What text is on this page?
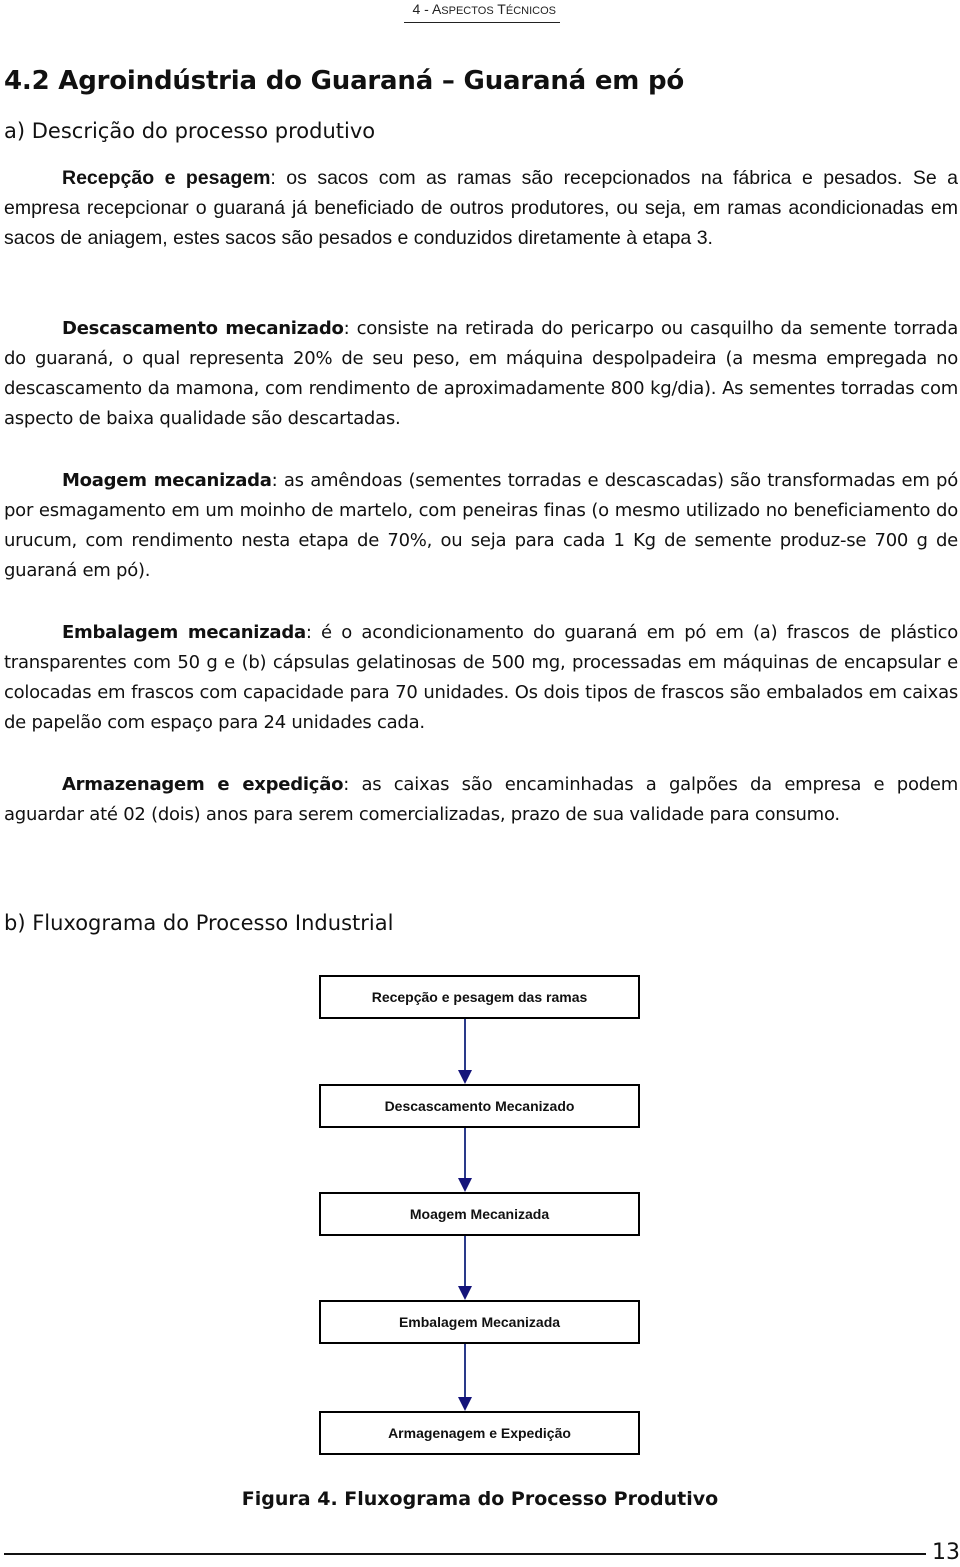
4 - ASPECTOS TÉCNICOS
4.2 Agroindústria do Guaraná – Guaraná em pó
a) Descrição do processo produtivo

Recepção e pesagem: os sacos com as ramas são recepcionados na fábrica e pesados. Se a empresa recepcionar o guaraná já beneficiado de outros produtores, ou seja, em ramas acondicionadas em sacos de aniagem, estes sacos são pesados e conduzidos diretamente à etapa 3.

Descascamento mecanizado: consiste na retirada do pericarpo ou casquilho da semente torrada do guaraná, o qual representa 20% de seu peso, em máquina despolpadeira (a mesma empregada no descascamento da mamona, com rendimento de aproximadamente 800 kg/dia). As sementes torradas com aspecto de baixa qualidade são descartadas.

Moagem mecanizada: as amêndoas (sementes torradas e descascadas) são transformadas em pó por esmagamento em um moinho de martelo, com peneiras finas (o mesmo utilizado no beneficiamento do urucum, com rendimento nesta etapa de 70%, ou seja para cada 1 Kg de semente produz-se 700 g de guaraná em pó).

Embalagem mecanizada: é o acondicionamento do guaraná em pó em (a) frascos de plástico transparentes com 50 g e (b) cápsulas gelatinosas de 500 mg, processadas em máquinas de encapsular e colocadas em frascos com capacidade para 70 unidades. Os dois tipos de frascos são embalados em caixas de papelão com espaço para 24 unidades cada.

Armazenagem e expedição: as caixas são encaminhadas a galpões da empresa e podem aguardar até 02 (dois) anos para serem comercializadas, prazo de sua validade para consumo.

b) Fluxograma do Processo Industrial
Recepção e pesagem das ramas
Descascamento Mecanizado
Moagem Mecanizada
Embalagem Mecanizada
Armagenagem e Expedição

Figura 4. Fluxograma do Processo Produtivo

13
